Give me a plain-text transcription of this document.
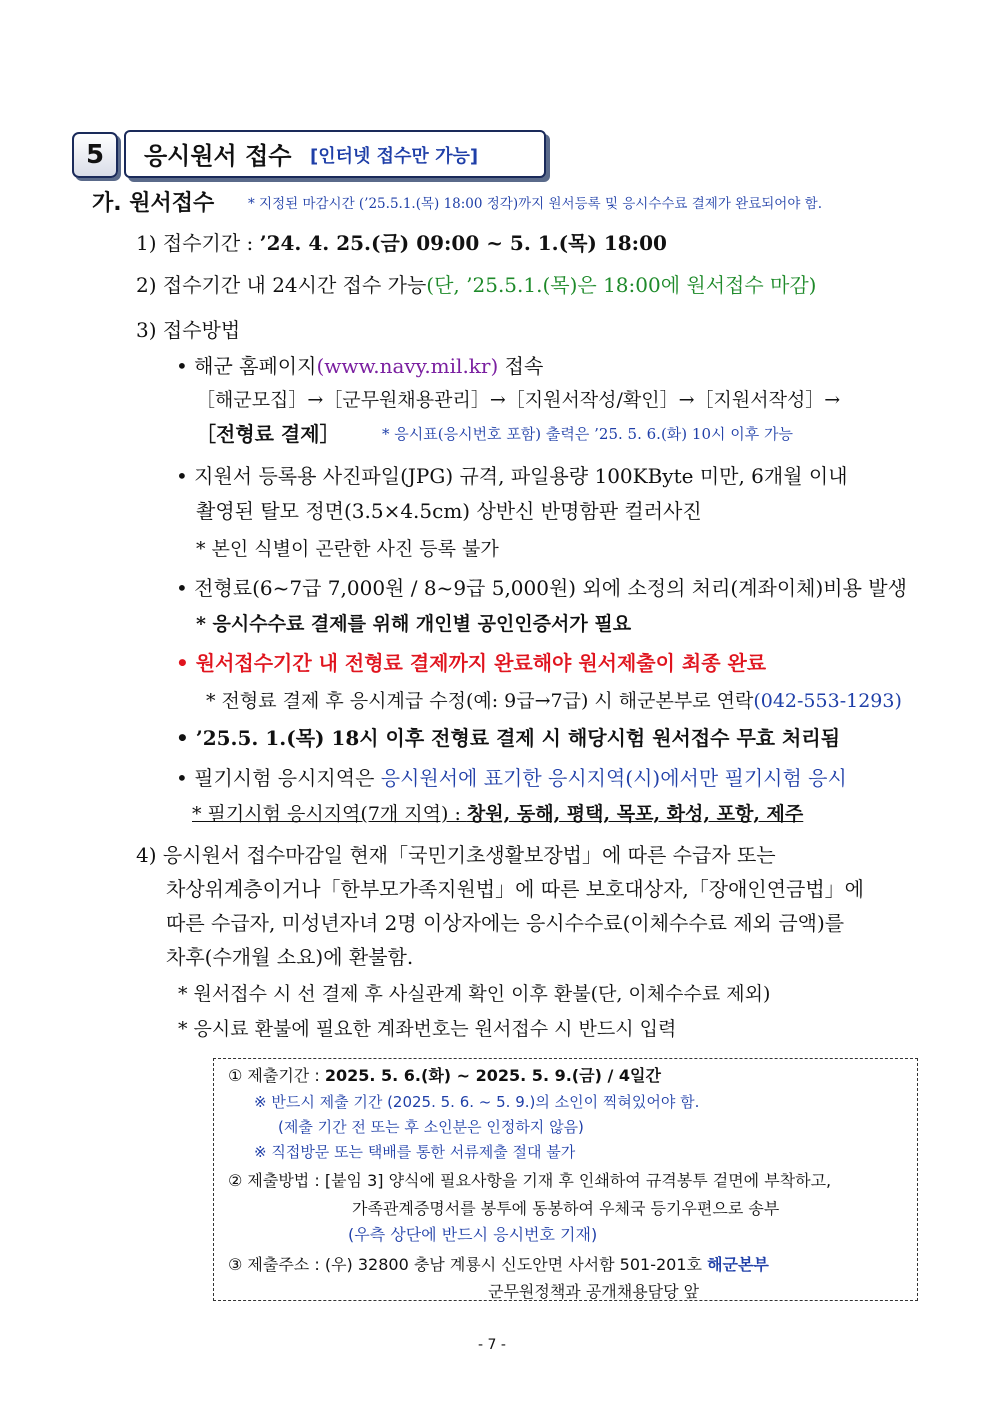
5	응시원서 접수 [인터넷 접수만 가능]
가. 원서접수 * 지정된 마감시간 (’25.5.1.(목) 18:00 정각)까지 원서등록 및 응시수수료 결제가 완료되어야 함.
1) 접수기간 : ’24. 4. 25.(금) 09:00 ~ 5. 1.(목) 18:00
2) 접수기간 내 24시간 접수 가능(단, ’25.5.1.(목)은 18:00에 원서접수 마감)
3) 접수방법
• 해군 홈페이지(www.navy.mil.kr) 접속
［해군모집］→［군무원채용관리］→［지원서작성/확인］→［지원서작성］→
［전형료 결제］	* 응시표(응시번호 포함) 출력은 ’25. 5. 6.(화) 10시 이후 가능
• 지원서 등록용 사진파일(JPG) 규격, 파일용량 100KByte 미만, 6개월 이내
촬영된 탈모 정면(3.5×4.5cm) 상반신 반명함판 컬러사진
* 본인 식별이 곤란한 사진 등록 불가
• 전형료(6~7급 7,000원 / 8~9급 5,000원) 외에 소정의 처리(계좌이체)비용 발생
* 응시수수료 결제를 위해 개인별 공인인증서가 필요
• 원서접수기간 내 전형료 결제까지 완료해야 원서제출이 최종 완료
* 전형료 결제 후 응시계급 수정(예: 9급→7급) 시 해군본부로 연락(042-553-1293)
• ’25.5. 1.(목) 18시 이후 전형료 결제 시 해당시험 원서접수 무효 처리됨
• 필기시험 응시지역은 응시원서에 표기한 응시지역(시)에서만 필기시험 응시
* 필기시험 응시지역(7개 지역) : 창원, 동해, 평택, 목포, 화성, 포항, 제주
4) 응시원서 접수마감일 현재「국민기초생활보장법」에 따른 수급자 또는
차상위계층이거나「한부모가족지원법」에 따른 보호대상자,「장애인연금법」에
따른 수급자, 미성년자녀 2명 이상자에는 응시수수료(이체수수료 제외 금액)를
차후(수개월 소요)에 환불함.
* 원서접수 시 선 결제 후 사실관계 확인 이후 환불(단, 이체수수료 제외)
* 응시료 환불에 필요한 계좌번호는 원서접수 시 반드시 입력
① 제출기간 : 2025. 5. 6.(화) ~ 2025. 5. 9.(금) / 4일간
※ 반드시 제출 기간 (2025. 5. 6. ~ 5. 9.)의 소인이 찍혀있어야 함.
(제출 기간 전 또는 후 소인분은 인정하지 않음)
※ 직접방문 또는 택배를 통한 서류제출 절대 불가
② 제출방법 : [붙임 3] 양식에 필요사항을 기재 후 인쇄하여 규격봉투 겉면에 부착하고,
가족관계증명서를 봉투에 동봉하여 우체국 등기우편으로 송부
(우측 상단에 반드시 응시번호 기재)
③ 제출주소 : (우) 32800 충남 계룡시 신도안면 사서함 501-201호 해군본부
군무원정책과 공개채용담당 앞
- 7 -
